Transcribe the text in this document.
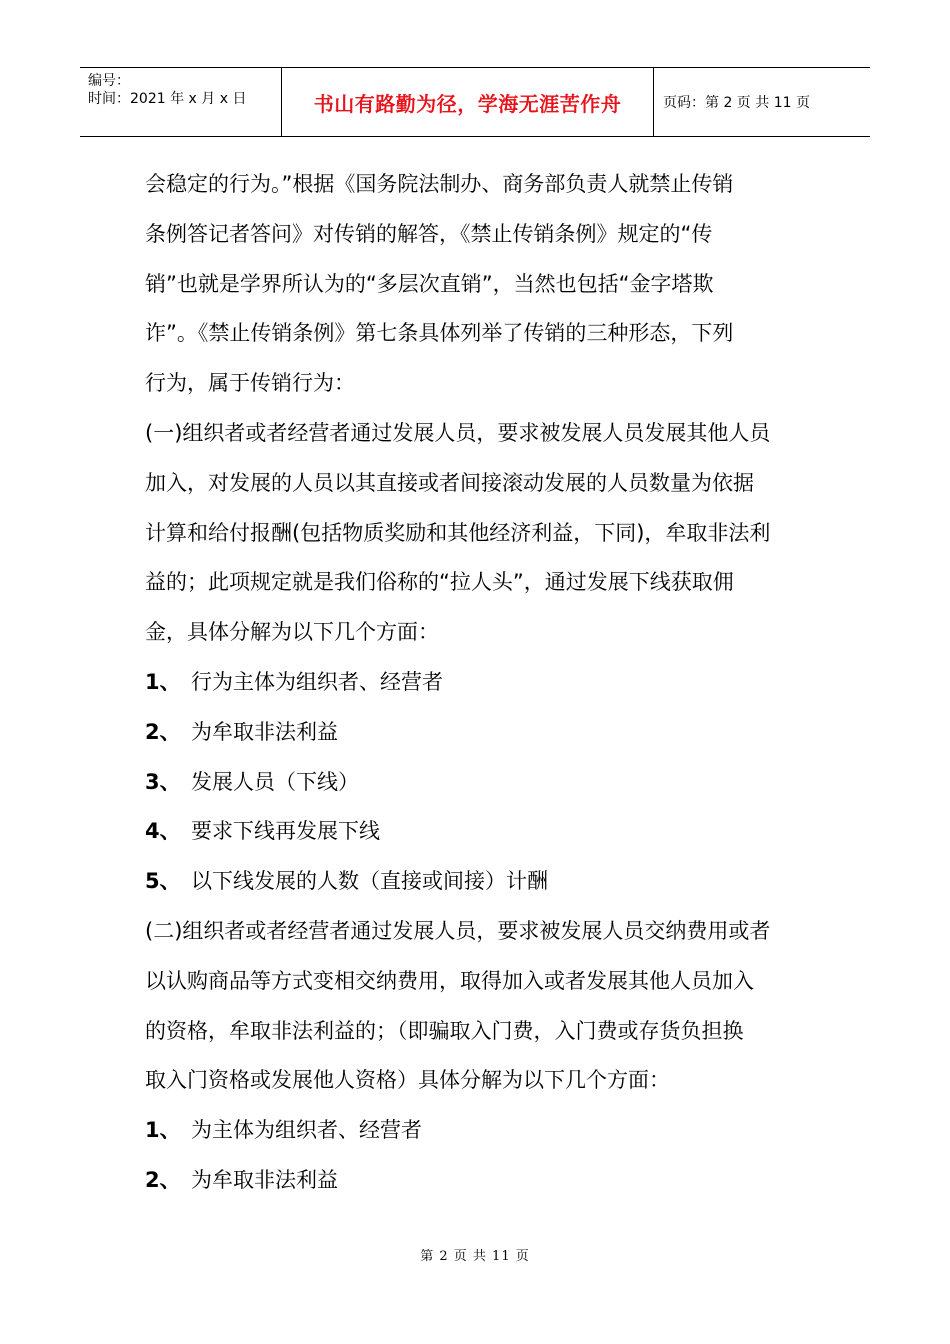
编号：
时间：2021 年 x 月 x 日	书山有路勤为径，学海无涯苦作舟	页码：第 2 页 共 11 页

会稳定的行为。”根据《国务院法制办、商务部负责人就禁止传销

条例答记者答问》对传销的解答，《禁止传销条例》规定的“传

销”也就是学界所认为的“多层次直销”，当然也包括“金字塔欺

诈”。《禁止传销条例》第七条具体列举了传销的三种形态，下列

行为，属于传销行为：

(一)组织者或者经营者通过发展人员，要求被发展人员发展其他人员

加入，对发展的人员以其直接或者间接滚动发展的人员数量为依据

计算和给付报酬(包括物质奖励和其他经济利益，下同)，牟取非法利

益的；此项规定就是我们俗称的“拉人头”，通过发展下线获取佣

金，具体分解为以下几个方面：

1、 行为主体为组织者、经营者
2、 为牟取非法利益
3、 发展人员（下线）
4、 要求下线再发展下线
5、 以下线发展的人数（直接或间接）计酬

(二)组织者或者经营者通过发展人员，要求被发展人员交纳费用或者

以认购商品等方式变相交纳费用，取得加入或者发展其他人员加入

的资格，牟取非法利益的；（即骗取入门费，入门费或存货负担换

取入门资格或发展他人资格）具体分解为以下几个方面：

1、 为主体为组织者、经营者
2、 为牟取非法利益
第 2 页 共 11 页
